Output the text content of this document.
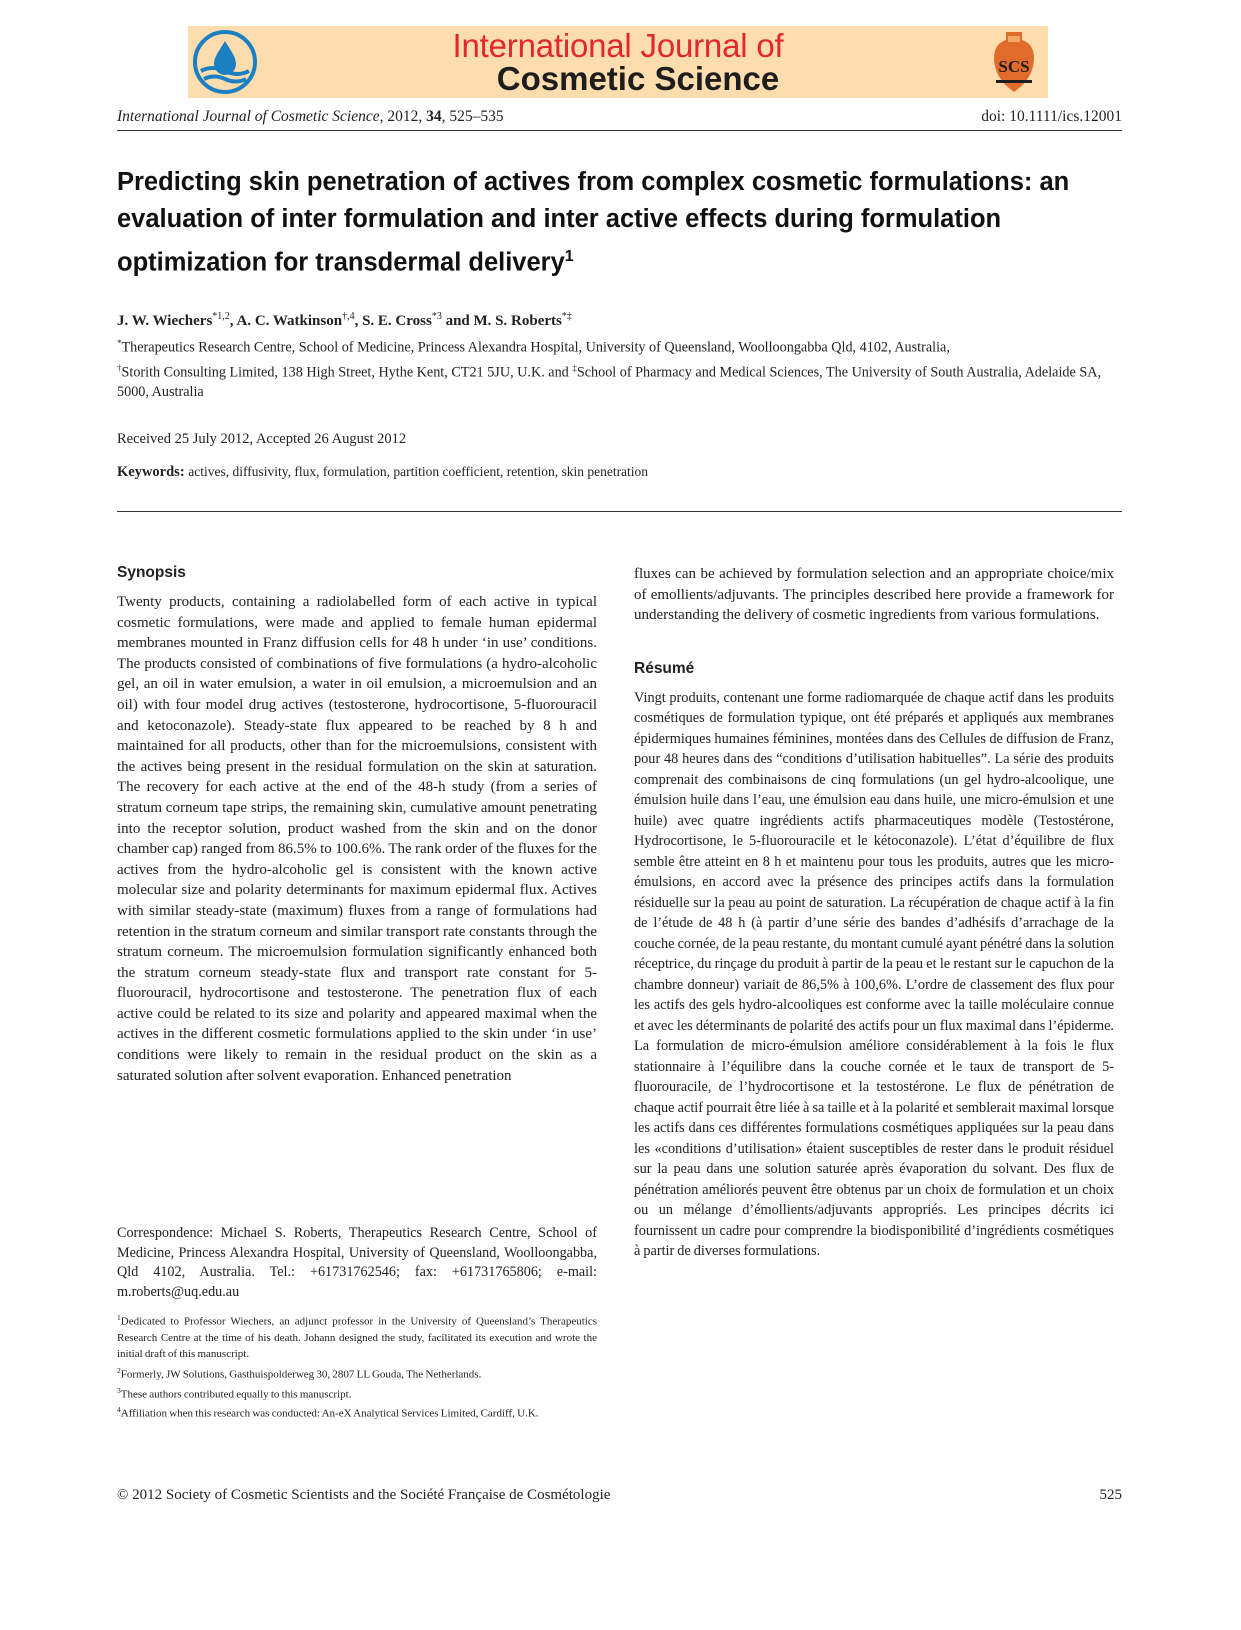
International Journal of
Cosmetic Science	SCS
International Journal of Cosmetic Science, 2012, 34, 525–535	doi: 10.1111/ics.12001
Predicting skin penetration of actives from complex cosmetic formulations: an evaluation of inter formulation and inter active effects during formulation optimization for transdermal delivery$^1$
J. W. Wiechers$^{*1,2}$, A. C. Watkinson$^{\dagger,4}$, S. E. Cross$^{*3}$ and M. S. Roberts*‡
*Therapeutics Research Centre, School of Medicine, Princess Alexandra Hospital, University of Queensland, Woolloongabba Qld, 4102, Australia,
†Storith Consulting Limited, 138 High Street, Hythe Kent, CT21 5JU, U.K. and ‡School of Pharmacy and Medical Sciences, The University of South Australia, Adelaide SA, 5000, Australia
Received 25 July 2012, Accepted 26 August 2012
Keywords: actives, diffusivity, flux, formulation, partition coefficient, retention, skin penetration
Synopsis

Twenty products, containing a radiolabelled form of each active in typical cosmetic formulations, were made and applied to female human epidermal membranes mounted in Franz diffusion cells for 48 h under ‘in use’ conditions. The products consisted of combinations of five formulations (a hydro-alcoholic gel, an oil in water emulsion, a water in oil emulsion, a microemulsion and an oil) with four model drug actives (testosterone, hydrocortisone, 5-fluorouracil and ketoconazole). Steady-state flux appeared to be reached by 8 h and maintained for all products, other than for the microemulsions, consistent with the actives being present in the residual formulation on the skin at saturation. The recovery for each active at the end of the 48-h study (from a series of stratum corneum tape strips, the remaining skin, cumulative amount penetrating into the receptor solution, product washed from the skin and on the donor chamber cap) ranged from 86.5% to 100.6%. The rank order of the fluxes for the actives from the hydro-alcoholic gel is consistent with the known active molecular size and polarity determinants for maximum epidermal flux. Actives with similar steady-state (maximum) fluxes from a range of formulations had retention in the stratum corneum and similar transport rate constants through the stratum corneum. The microemulsion formulation significantly enhanced both the stratum corneum steady-state flux and transport rate constant for 5-fluorouracil, hydrocortisone and testosterone. The penetration flux of each active could be related to its size and polarity and appeared maximal when the actives in the different cosmetic formulations applied to the skin under ‘in use’ conditions were likely to remain in the residual product on the skin as a saturated solution after solvent evaporation. Enhanced penetration

Correspondence: Michael S. Roberts, Therapeutics Research Centre, School of Medicine, Princess Alexandra Hospital, University of Queensland, Woolloongabba, Qld 4102, Australia. Tel.: +61731762546; fax: +61731765806; e-mail: m.roberts@uq.edu.au

$^1$Dedicated to Professor Wiechers, an adjunct professor in the University of Queensland’s Therapeutics Research Centre at the time of his death. Johann designed the study, facilitated its execution and wrote the initial draft of this manuscript.

$^2$Formerly, JW Solutions, Gasthuispolderweg 30, 2807 LL Gouda, The Netherlands.

$^3$These authors contributed equally to this manuscript.

$^4$Affiliation when this research was conducted: An-eX Analytical Services Limited, Cardiff, U.K.

fluxes can be achieved by formulation selection and an appropriate choice/mix of emollients/adjuvants. The principles described here provide a framework for understanding the delivery of cosmetic ingredients from various formulations.

Résumé

Vingt produits, contenant une forme radiomarquée de chaque actif dans les produits cosmétiques de formulation typique, ont été préparés et appliqués aux membranes épidermiques humaines féminines, montées dans des Cellules de diffusion de Franz, pour 48 heures dans des “conditions d’utilisation habituelles”. La série des produits comprenait des combinaisons de cinq formulations (un gel hydro-alcoolique, une émulsion huile dans l’eau, une émulsion eau dans huile, une micro-émulsion et une huile) avec quatre ingrédients actifs pharmaceutiques modèle (Testostérone, Hydrocortisone, le 5-fluorouracile et le kétoconazole). L’état d’équilibre de flux semble être atteint en 8 h et maintenu pour tous les produits, autres que les micro-émulsions, en accord avec la présence des principes actifs dans la formulation résiduelle sur la peau au point de saturation. La récupération de chaque actif à la fin de l’étude de 48 h (à partir d’une série des bandes d’adhésifs d’arrachage de la couche cornée, de la peau restante, du montant cumulé ayant pénétré dans la solution réceptrice, du rinçage du produit à partir de la peau et le restant sur le capuchon de la chambre donneur) variait de 86,5% à 100,6%. L’ordre de classement des flux pour les actifs des gels hydro-alcooliques est conforme avec la taille moléculaire connue et avec les déterminants de polarité des actifs pour un flux maximal dans l’épiderme. La formulation de micro-émulsion améliore considérablement à la fois le flux stationnaire à l’équilibre dans la couche cornée et le taux de transport de 5-fluorouracile, de l’hydrocortisone et la testostérone. Le flux de pénétration de chaque actif pourrait être liée à sa taille et à la polarité et semblerait maximal lorsque les actifs dans ces différentes formulations cosmétiques appliquées sur la peau dans les «conditions d’utilisation» étaient susceptibles de rester dans le produit résiduel sur la peau dans une solution saturée après évaporation du solvant. Des flux de pénétration améliorés peuvent être obtenus par un choix de formulation et un choix ou un mélange d’émollients/adjuvants appropriés. Les principes décrits ici fournissent un cadre pour comprendre la biodisponibilité d’ingrédients cosmétiques à partir de diverses formulations.

© 2012 Society of Cosmetic Scientists and the Société Française de Cosmétologie	525
